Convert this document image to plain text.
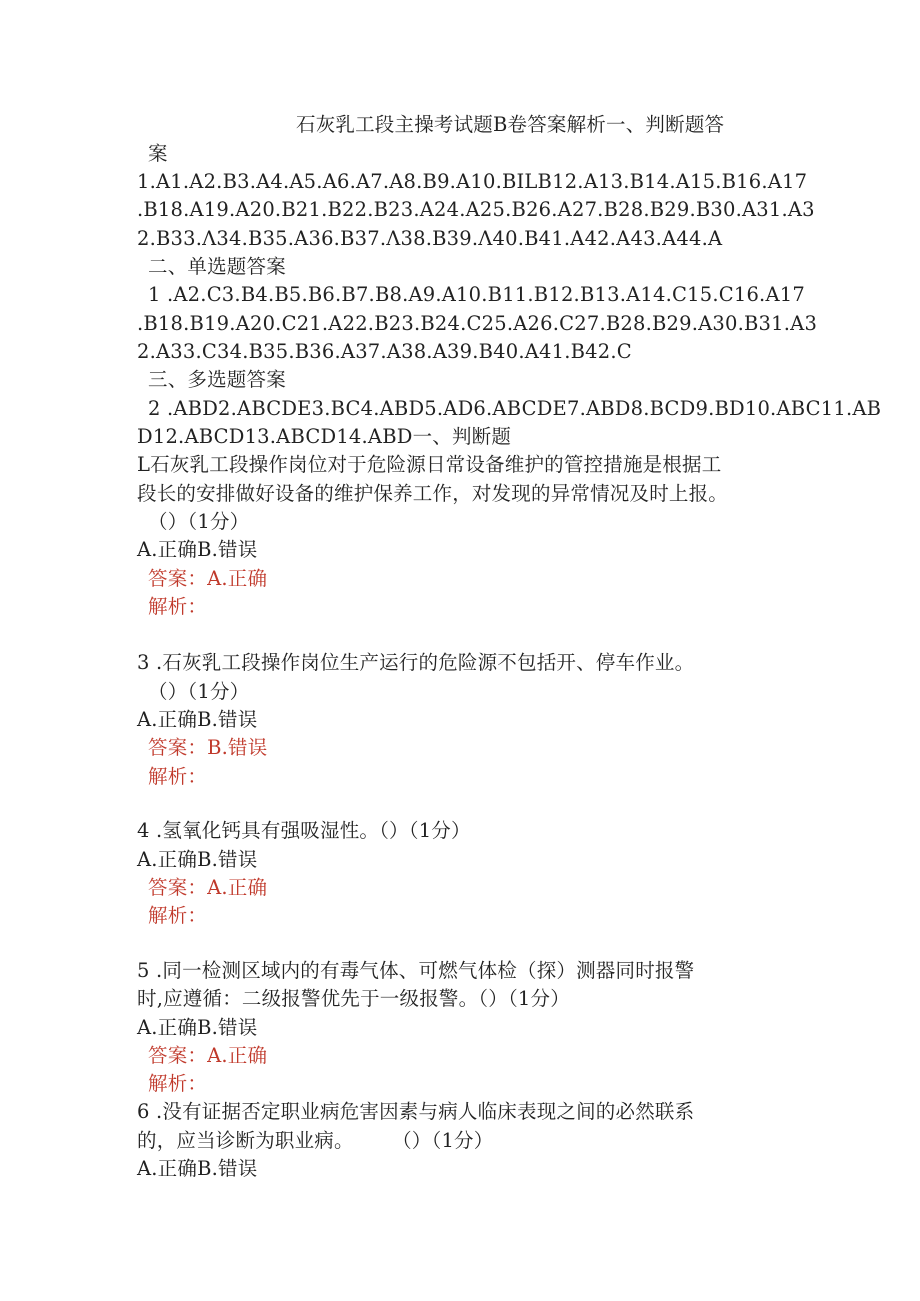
石灰乳工段主操考试题B卷答案解析一、判断题答
案
1.A1.A2.B3.A4.A5.A6.A7.A8.B9.A10.BILB12.A13.B14.A15.B16.A17
.B18.A19.A20.B21.B22.B23.A24.A25.B26.A27.B28.B29.B30.A31.A3
2.B33.Λ34.B35.A36.B37.Λ38.B39.Λ40.B41.A42.A43.A44.A
二、单选题答案
1 .A2.C3.B4.B5.B6.B7.B8.A9.A10.B11.B12.B13.A14.C15.C16.A17
.B18.B19.A20.C21.A22.B23.B24.C25.A26.C27.B28.B29.A30.B31.A3
2.A33.C34.B35.B36.A37.A38.A39.B40.A41.B42.C
三、多选题答案
2 .ABD2.ABCDE3.BC4.ABD5.AD6.ABCDE7.ABD8.BCD9.BD10.ABC11.AB
D12.ABCD13.ABCD14.ABD一、判断题
L石灰乳工段操作岗位对于危险源日常设备维护的管控措施是根据工
段长的安排做好设备的维护保养工作，对发现的异常情况及时上报。
（）（1分）
A.正确B.错误
答案：A.正确
解析：
3 .石灰乳工段操作岗位生产运行的危险源不包括开、停车作业。
（）（1分）
A.正确B.错误
答案：B.错误
解析：
4 .氢氧化钙具有强吸湿性。（）（1分）
A.正确B.错误
答案：A.正确
解析：
5 .同一检测区域内的有毒气体、可燃气体检（探）测器同时报警
时,应遵循：二级报警优先于一级报警。（）（1分）
A.正确B.错误
答案：A.正确
解析：
6 .没有证据否定职业病危害因素与病人临床表现之间的必然联系
的，应当诊断为职业病。      （）（1分）
A.正确B.错误
